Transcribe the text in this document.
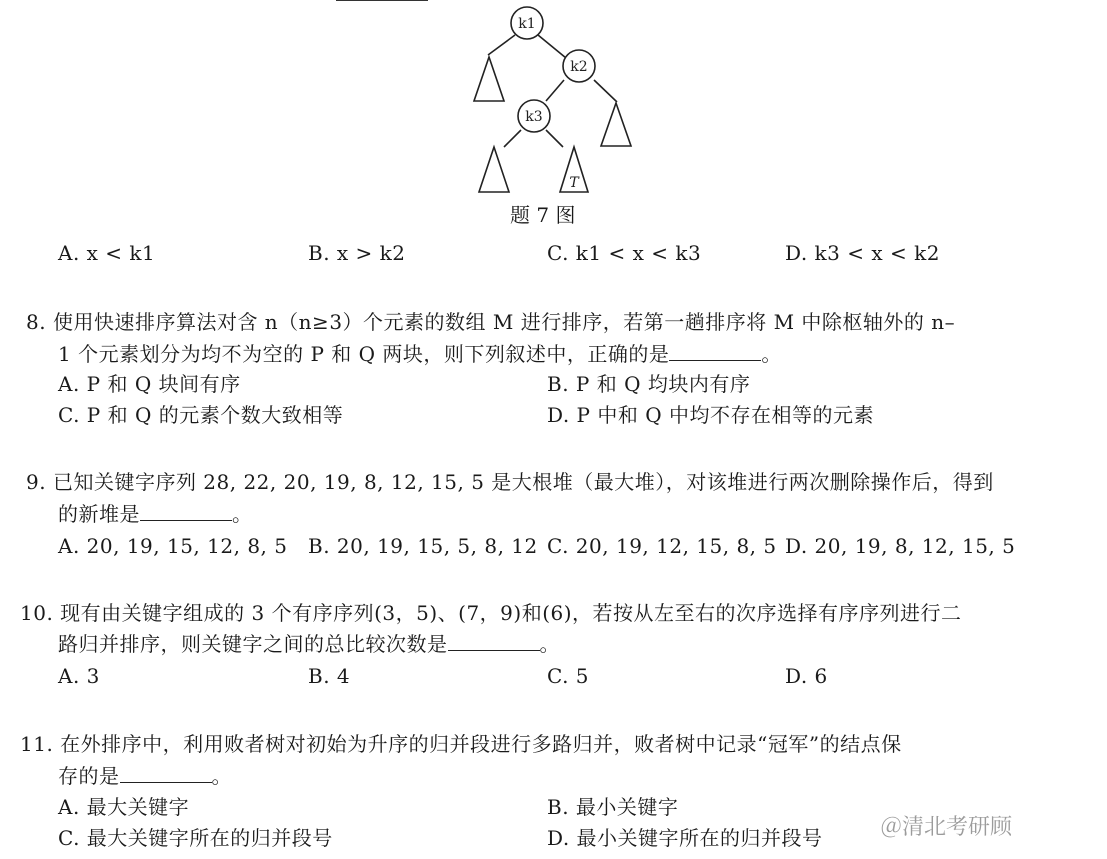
k1
k2
k3
T
题 7 图
A. x < k1	B. x > k2	C. k1 < x < k3	D. k3 < x < k2
8. 使用快速排序算法对含 n（n≥3）个元素的数组 M 进行排序，若第一趟排序将 M 中除枢轴外的 n–
1 个元素划分为均不为空的 P 和 Q 两块，则下列叙述中，正确的是	。
A. P 和 Q 块间有序	B. P 和 Q 均块内有序
C. P 和 Q 的元素个数大致相等	D. P 中和 Q 中均不存在相等的元素
9. 已知关键字序列 28, 22, 20, 19, 8, 12, 15, 5 是大根堆（最大堆），对该堆进行两次删除操作后，得到
的新堆是	。
A. 20, 19, 15, 12, 8, 5 B. 20, 19, 15, 5, 8, 12 C. 20, 19, 12, 15, 8, 5 D. 20, 19, 8, 12, 15, 5
10. 现有由关键字组成的 3 个有序序列(3，5)、(7，9)和(6)，若按从左至右的次序选择有序序列进行二
路归并排序，则关键字之间的总比较次数是	。
A. 3	B. 4	C. 5	D. 6
11. 在外排序中，利用败者树对初始为升序的归并段进行多路归并，败者树中记录“冠军”的结点保
存的是	。
A. 最大关键字	B. 最小关键字
C. 最大关键字所在的归并段号	D. 最小关键字所在的归并段号	＠清北考研顾
